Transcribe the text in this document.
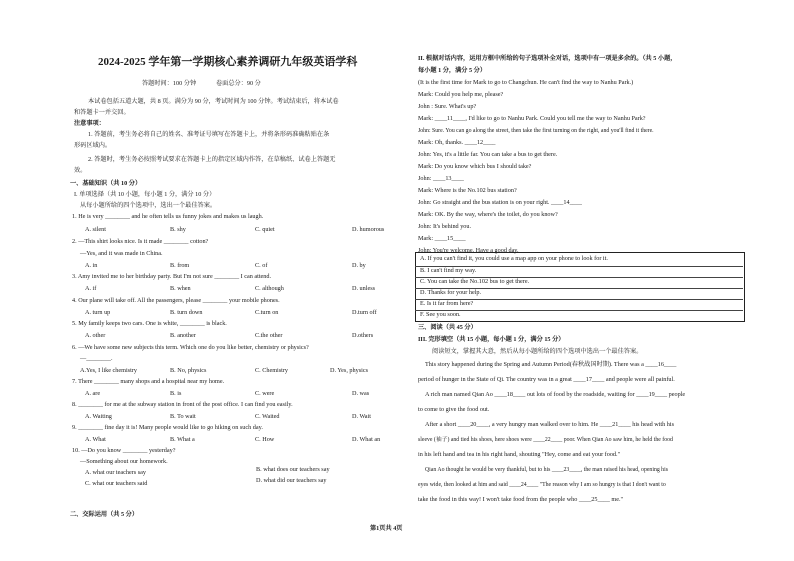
2024-2025 学年第一学期核心素养调研九年级英语学科
答题时间：100 分钟	卷面总分：90 分
本试卷包括五道大题，共 8 页。满分为 90 分，考试时间为 100 分钟。考试结束后，将本试卷
和答题卡一并交回。
注意事项：
1. 答题前，考生务必将自己的姓名、准考证号填写在答题卡上，并将条形码准确粘贴在条
形码区域内。
2. 答题时，考生务必按照考试要求在答题卡上的指定区域内作答，在草稿纸、试卷上答题无
效。
一、基础知识（共 10 分）
I. 单项选择（共 10 小题，每小题 1 分，满分 10 分）
从每小题所给的四个选项中，选出一个最佳答案。
1. He is very ________ and he often tells us funny jokes and makes us laugh.
A. silent	B. shy	C. quiet	D. humorous
2. —This shirt looks nice. Is it made ________ cotton?
—Yes, and it was made in China.
A. in	B. from	C. of	D. by
3. Amy invited me to her birthday party. But I'm not sure ________ I can attend.
A. if	B. when	C. although	D. unless
4. Our plane will take off. All the passengers, please ________ your mobile phones.
A. turn up	B. turn down	C.turn on	D.turn off
5. My family keeps two cars. One is white, ________ is black.
A. other	B. another	C.the other	D.others
6. —We have some new subjects this term. Which one do you like better, chemistry or physics?
—________.
A.Yes, I like chemistry	B. No, physics	C. Chemistry	D. Yes, physics
7. There ________ many shops and a hospital near my home.
A. are	B. is	C. were	D. was
8. ________ for me at the subway station in front of the post office. I can find you easily.
A. Waiting	B. To wait	C. Waited	D. Wait
9. ________ fine day it is! Many people would like to go hiking on such day.
A. What	B. What a	C. How	D. What an
10. —Do you know ________ yesterday?
—Something about our homework.
A. what our teachers say	B. what does our teachers say
C. what our teachers said	D. what did our teachers say
二、交际运用（共 5 分）
II. 根据对话内容，运用方框中所给的句子选项补全对话，选项中有一项是多余的。（共 5 小题，
每小题 1 分，满分 5 分）
(It is the first time for Mark to go to Changchun. He can't find the way to Nanhu Park.)
Mark: Could you help me, please?
John : Sure. What's up?
Mark: ____11____, I'd like to go to Nanhu Park. Could you tell me the way to Nanhu Park?
John: Sure. You can go along the street, then take the first turning on the right, and you'll find it there.
Mark: Oh, thanks. ____12____
John: Yes, it's a little far. You can take a bus to get there.
Mark: Do you know which bus I should take?
John: ____13____
Mark: Where is the No.102 bus station?
John: Go straight and the bus station is on your right. ____14____
Mark: OK. By the way, where's the toilet, do you know?
John: It's behind you.
Mark: ____15____
John: You're welcome. Have a good day.
A. If you can't find it, you could use a map app on your phone to look for it.
B. I can't find my way.
C. You can take the No.102 bus to get there.
D. Thanks for your help.
E. Is it far from here?
F. See you soon.
三、阅读（共 45 分）
III. 完形填空（共 15 小题，每小题 1 分，满分 15 分）
阅读短文，掌握其大意，然后从每小题所给的四个选项中选出一个最佳答案。
This story happened during the Spring and Autumn Period(春秋战国时期). There was a ____16____
period of hunger in the State of Qi. The country was in a great ____17____ and people were all painful.
A rich man named Qian Ao ____18____ out lots of food by the roadside, waiting for ____19____ people
to come to give the food out.
After a short ____20____, a very hungry man walked over to him. He ____21____ his head with his
sleeve (袖子) and tied his shoes, here shoes were ____22____ poor. When Qian Ao saw him, he held the food
in his left hand and tea in his right hand, shouting "Hey, come and eat your food."
Qian Ao thought he would be very thankful, but to his ____23____, the man raised his head, opening his
eyes wide, then looked at him and said ____24____ "The reason why I am so hungry is that I don't want to
take the food in this way! I won't take food from the people who ____25____ me."
第1页共 4页
